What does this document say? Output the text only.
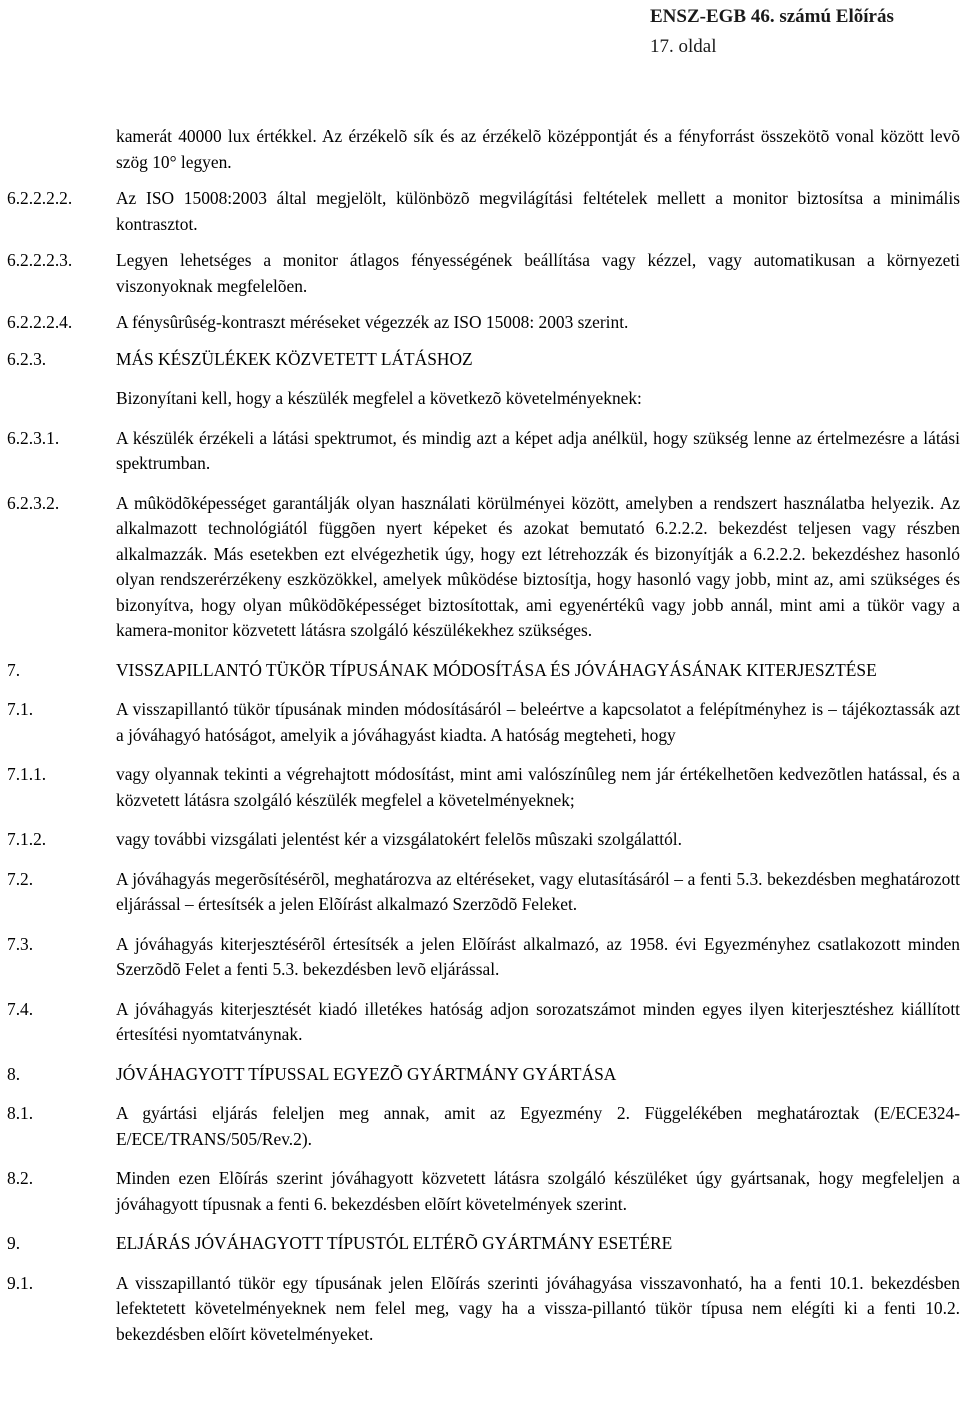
ENSZ-EGB 46. számú Elõírás
17. oldal
kamerát 40000 lux értékkel. Az érzékelõ sík és az érzékelõ középpontját és a fényforrást összekötõ vonal között levõ szög 10° legyen.
6.2.2.2.2.	Az ISO 15008:2003 által megjelölt, különbözõ megvilágítási feltételek mellett a monitor biztosítsa a minimális kontrasztot.
6.2.2.2.3.	Legyen lehetséges a monitor átlagos fényességének beállítása vagy kézzel, vagy automatikusan a környezeti viszonyoknak megfelelõen.
6.2.2.2.4.	A fénysûrûség-kontraszt méréseket végezzék az ISO 15008: 2003 szerint.
6.2.3.	MÁS KÉSZÜLÉKEK KÖZVETETT LÁTÁSHOZ
Bizonyítani kell, hogy a készülék megfelel a következõ követelményeknek:
6.2.3.1.	A készülék érzékeli a látási spektrumot, és mindig azt a képet adja anélkül, hogy szükség lenne az értelmezésre a látási spektrumban.
6.2.3.2.	A mûködõképességet garantálják olyan használati körülményei között, amelyben a rendszert használatba helyezik. Az alkalmazott technológiától függõen nyert képeket és azokat bemutató 6.2.2.2. bekezdést teljesen vagy részben alkalmazzák. Más esetekben ezt elvégezhetik úgy, hogy ezt létrehozzák és bizonyítják a 6.2.2.2. bekezdéshez hasonló olyan rendszerérzékeny eszközökkel, amelyek mûködése biztosítja, hogy hasonló vagy jobb, mint az, ami szükséges és bizonyítva, hogy olyan mûködõképességet biztosítottak, ami egyenértékû vagy jobb annál, mint ami a tükör vagy a kamera-monitor közvetett látásra szolgáló készülékekhez szükséges.
7.	VISSZAPILLANTÓ TÜKÖR TÍPUSÁNAK MÓDOSÍTÁSA ÉS JÓVÁHAGYÁSÁNAK KITERJESZTÉSE
7.1.	A visszapillantó tükör típusának minden módosításáról – beleértve a kapcsolatot a felépítményhez is – tájékoztassák azt a jóváhagyó hatóságot, amelyik a jóváhagyást kiadta. A hatóság megteheti, hogy
7.1.1.	vagy olyannak tekinti a végrehajtott módosítást, mint ami valószínûleg nem jár értékelhetõen kedvezõtlen hatással, és a közvetett látásra szolgáló készülék megfelel a követelményeknek;
7.1.2.	vagy további vizsgálati jelentést kér a vizsgálatokért felelõs mûszaki szolgálattól.
7.2.	A jóváhagyás megerõsítésérõl, meghatározva az eltéréseket, vagy elutasításáról – a fenti 5.3. bekezdésben meghatározott eljárással – értesítsék a jelen Elõírást alkalmazó Szerzõdõ Feleket.
7.3.	A jóváhagyás kiterjesztésérõl értesítsék a jelen Elõírást alkalmazó, az 1958. évi Egyezményhez csatlakozott minden Szerzõdõ Felet a fenti 5.3. bekezdésben levõ eljárással.
7.4.	A jóváhagyás kiterjesztését kiadó illetékes hatóság adjon sorozatszámot minden egyes ilyen kiterjesztéshez kiállított értesítési nyomtatványnak.
8.	JÓVÁHAGYOTT TÍPUSSAL EGYEZÕ GYÁRTMÁNY GYÁRTÁSA
8.1.	A gyártási eljárás feleljen meg annak, amit az Egyezmény 2. Függelékében meghatároztak (E/ECE324-E/ECE/TRANS/505/Rev.2).
8.2.	Minden ezen Elõírás szerint jóváhagyott közvetett látásra szolgáló készüléket úgy gyártsanak, hogy megfeleljen a jóváhagyott típusnak a fenti 6. bekezdésben elõírt követelmények szerint.
9.	ELJÁRÁS JÓVÁHAGYOTT TÍPUSTÓL ELTÉRÕ GYÁRTMÁNY ESETÉRE
9.1.	A visszapillantó tükör egy típusának jelen Elõírás szerinti jóváhagyása visszavonható, ha a fenti 10.1. bekezdésben lefektetett követelményeknek nem felel meg, vagy ha a vissza-pillantó tükör típusa nem elégíti ki a fenti 10.2. bekezdésben elõírt követelményeket.
